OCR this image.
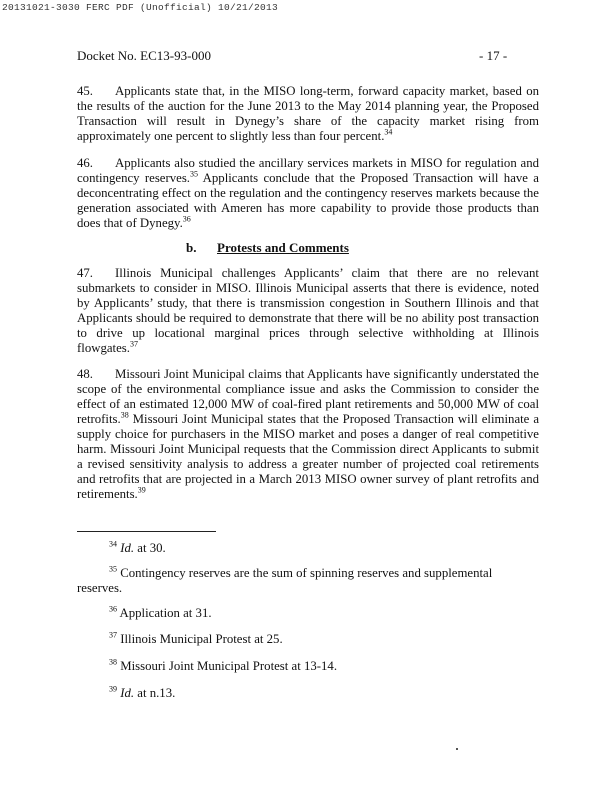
20131021-3030 FERC PDF (Unofficial) 10/21/2013
Docket No. EC13-93-000	- 17 -

45. Applicants state that, in the MISO long-term, forward capacity market, based on the results of the auction for the June 2013 to the May 2014 planning year, the Proposed Transaction will result in Dynegy’s share of the capacity market rising from approximately one percent to slightly less than four percent.$^{34}$

46. Applicants also studied the ancillary services markets in MISO for regulation and contingency reserves.$^{35}$ Applicants conclude that the Proposed Transaction will have a deconcentrating effect on the regulation and the contingency reserves markets because the generation associated with Ameren has more capability to provide those products than does that of Dynegy.$^{36}$

b. Protests and Comments

47. Illinois Municipal challenges Applicants’ claim that there are no relevant submarkets to consider in MISO. Illinois Municipal asserts that there is evidence, noted by Applicants’ study, that there is transmission congestion in Southern Illinois and that Applicants should be required to demonstrate that there will be no ability post transaction to drive up locational marginal prices through selective withholding at Illinois flowgates.$^{37}$

48. Missouri Joint Municipal claims that Applicants have significantly understated the scope of the environmental compliance issue and asks the Commission to consider the effect of an estimated 12,000 MW of coal-fired plant retirements and 50,000 MW of coal retrofits.$^{38}$ Missouri Joint Municipal states that the Proposed Transaction will eliminate a supply choice for purchasers in the MISO market and poses a danger of real competitive harm. Missouri Joint Municipal requests that the Commission direct Applicants to submit a revised sensitivity analysis to address a greater number of projected coal retirements and retrofits that are projected in a March 2013 MISO owner survey of plant retrofits and retirements.$^{39}$

$^{34}$ Id. at 30.

$^{35}$ Contingency reserves are the sum of spinning reserves and supplemental reserves.

$^{36}$ Application at 31.

$^{37}$ Illinois Municipal Protest at 25.

$^{38}$ Missouri Joint Municipal Protest at 13-14.

$^{39}$ Id. at n.13.
